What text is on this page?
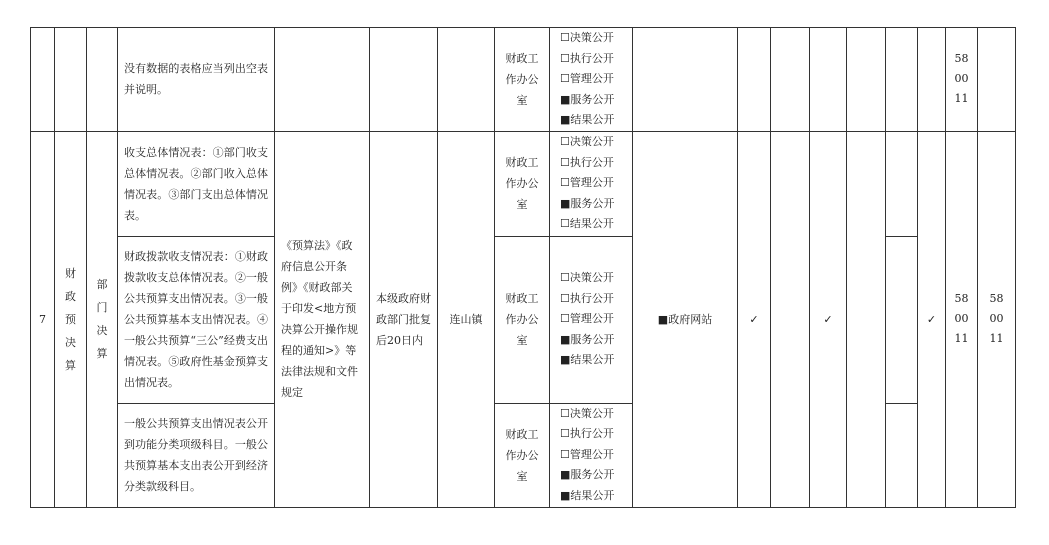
			没有数据的表格应当列出空表并说明。				财政工作办公室	☐决策公开
☐执行公开
☐管理公开
■服务公开
■结果公开								580011	

7	财政预决算	部门决算	收支总体情况表：①部门收支总体情况表。②部门收入总体情况表。③部门支出总体情况表。	《预算法》《政府信息公开条例》《财政部关于印发<地方预决算公开操作规程的通知>》等法律法规和文件规定	本级政府财政部门批复后20日内	连山镇	财政工作办公室	☐决策公开
☐执行公开
☐管理公开
■服务公开
☐结果公开	■政府网站	✓		✓			✓	580011	580011

			财政拨款收支情况表：①财政拨款收支总体情况表。②一般公共预算支出情况表。③一般公共预算基本支出情况表。④一般公共预算“三公”经费支出情况表。⑤政府性基金预算支出情况表。				财政工作办公室	☐决策公开
☐执行公开
☐管理公开
■服务公开
■结果公开									

			一般公共预算支出情况表公开到功能分类项级科目。一般公共预算基本支出表公开到经济分类款级科目。				财政工作办公室	☐决策公开
☐执行公开
☐管理公开
■服务公开
■结果公开									
